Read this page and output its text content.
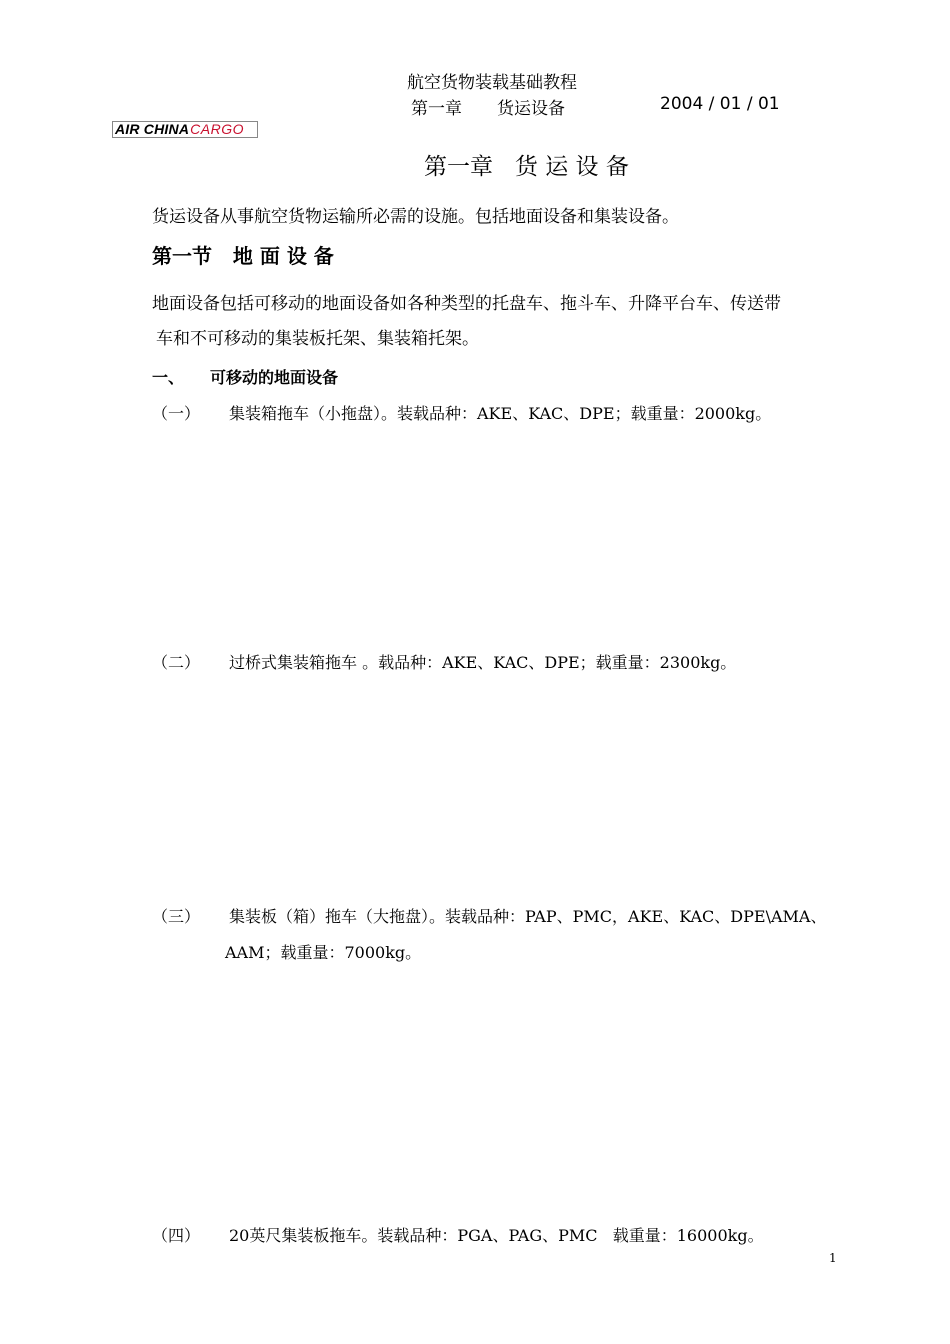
航空货物装载基础教程
第一章 货运设备	2004 / 01 / 01
AIR CHINA CARGO
第一章   货 运 设 备
货运设备从事航空货物运输所必需的设施。包括地面设备和集装设备。
第一节   地 面 设 备
地面设备包括可移动的地面设备如各种类型的托盘车、拖斗车、升降平台车、传送带
车和不可移动的集装板托架、集装箱托架。
一、 可移动的地面设备
（一） 集装箱拖车（小拖盘）。装载品种：AKE、KAC、DPE；载重量：2000kg。
（二） 过桥式集装箱拖车 。载品种：AKE、KAC、DPE；载重量：2300kg。
（三） 集装板（箱）拖车（大拖盘）。装载品种：PAP、PMC，AKE、KAC、DPE\AMA、
AAM；载重量：7000kg。
（四） 20英尺集装板拖车。装载品种：PGA、PAG、PMC   载重量：16000kg。
1
